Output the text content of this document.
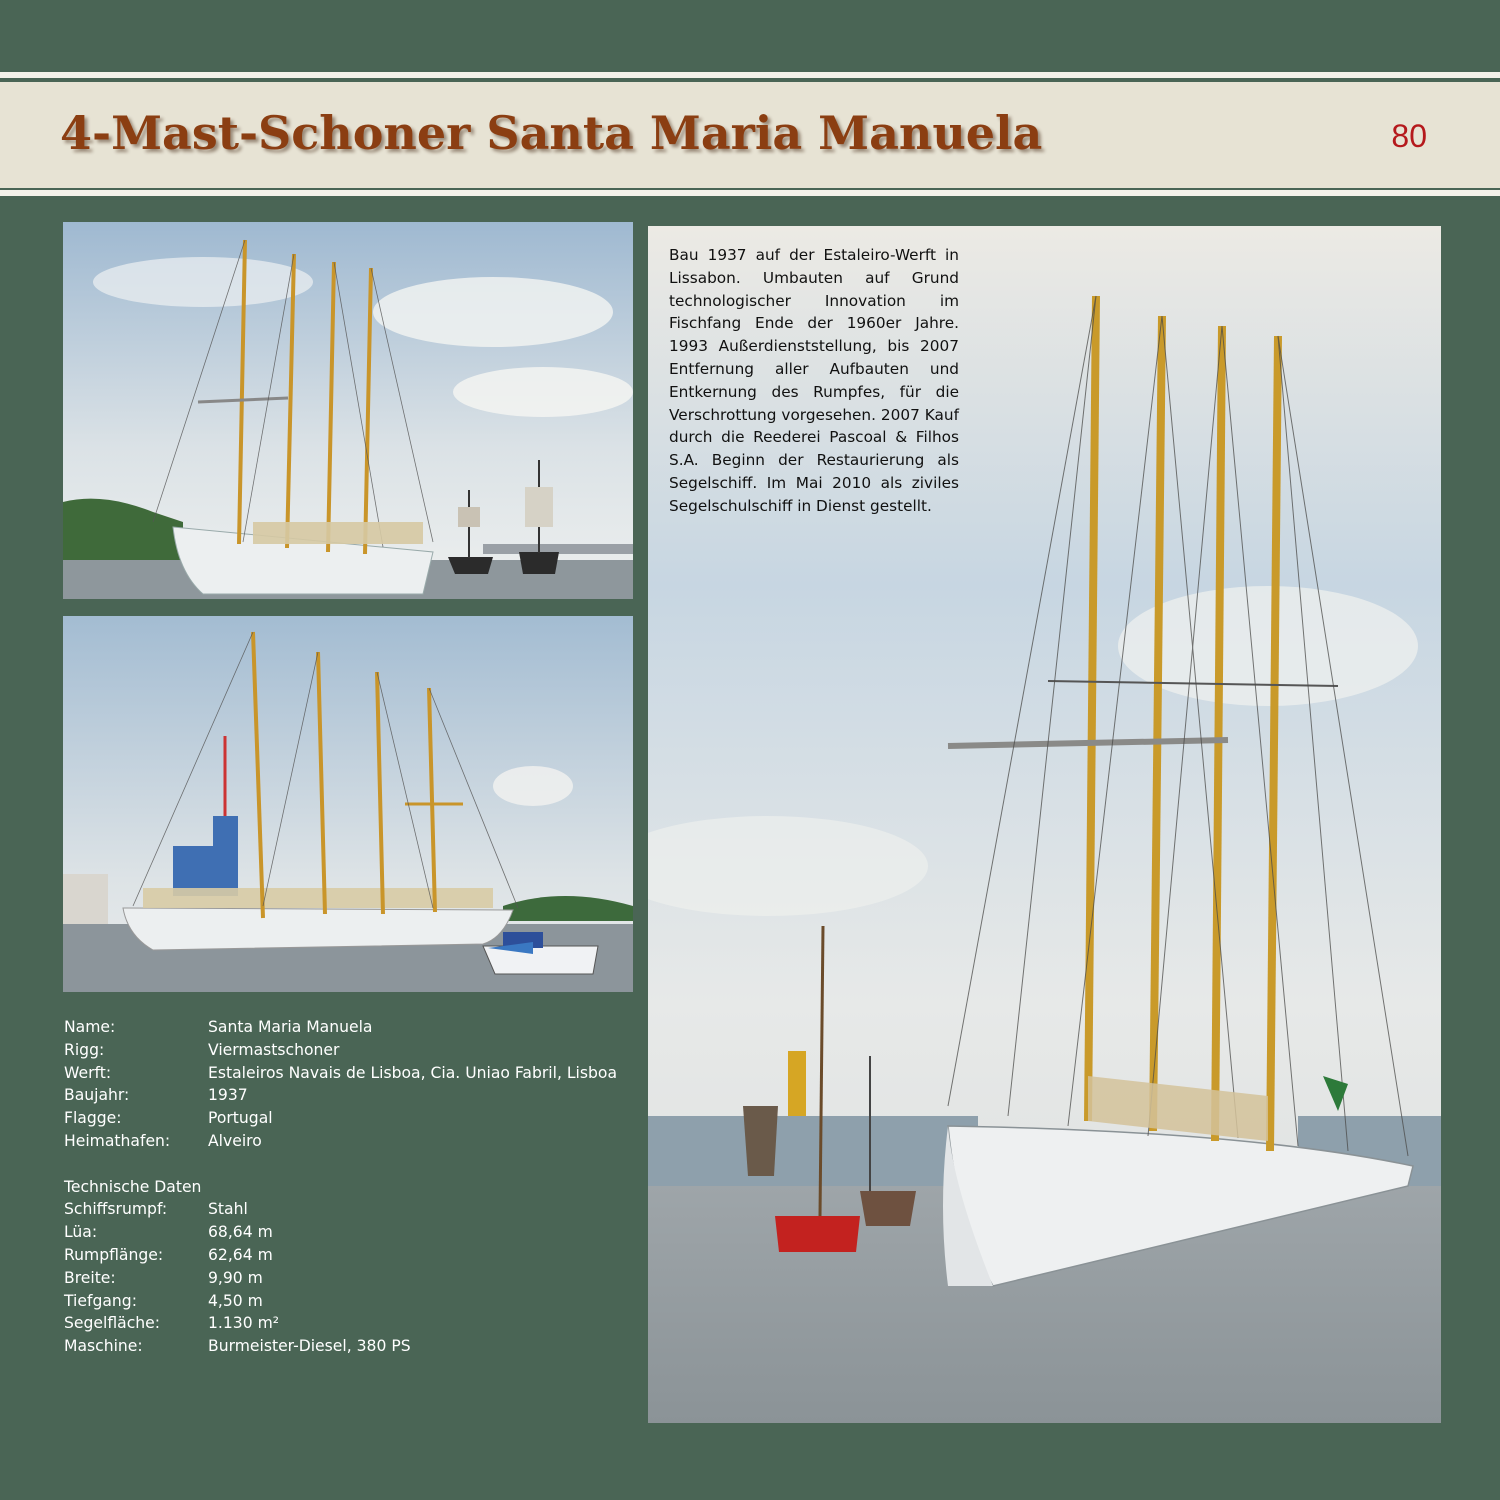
4-Mast-Schoner Santa Maria Manuela	80
Bau 1937 auf der Estaleiro-Werft in Lissabon. Umbauten auf Grund technologischer Innovation im Fischfang Ende der 1960er Jahre. 1993 Außerdienststellung, bis 2007 Entfernung aller Aufbauten und Entkernung des Rumpfes, für die Verschrottung vorgesehen. 2007 Kauf durch die Reederei Pascoal & Filhos S.A. Beginn der Restaurierung als Segelschiff. Im Mai 2010 als ziviles Segelschulschiff in Dienst gestellt.
Name:	Santa Maria Manuela
Rigg:	Viermastschoner
Werft:	Estaleiros Navais de Lisboa, Cia. Uniao Fabril, Lisboa
Baujahr:	1937
Flagge:	Portugal
Heimathafen: Alveiro
Technische Daten
Schiffsrumpf:	Stahl
Lüa:	68,64 m
Rumpflänge:	62,64 m
Breite:	9,90 m
Tiefgang:	4,50 m
Segelfläche:	1.130 m²
Maschine:	Burmeister-Diesel, 380 PS
